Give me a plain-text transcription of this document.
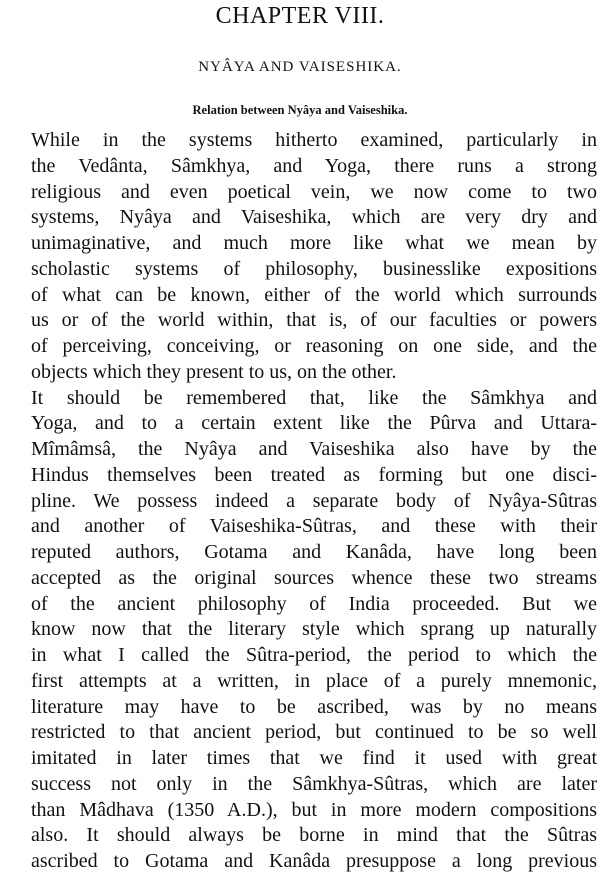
CHAPTER VIII.
NYÂYA AND VAISESHIKA.
Relation between Nyâya and Vaiseshika.
While in the systems hitherto examined, particularly in
the Vedânta, Sâmkhya, and Yoga, there runs a strong
religious and even poetical vein, we now come to two
systems, Nyâya and Vaiseshika, which are very dry and
unimaginative, and much more like what we mean by
scholastic systems of philosophy, businesslike expositions
of what can be known, either of the world which surrounds
us or of the world within, that is, of our faculties or powers
of perceiving, conceiving, or reasoning on one side, and the
objects which they present to us, on the other.
It should be remembered that, like the Sâmkhya and
Yoga, and to a certain extent like the Pûrva and Uttara-
Mîmâmsâ, the Nyâya and Vaiseshika also have by the
Hindus themselves been treated as forming but one disci-
pline. We possess indeed a separate body of Nyâya-Sûtras
and another of Vaiseshika-Sûtras, and these with their
reputed authors, Gotama and Kanâda, have long been
accepted as the original sources whence these two streams
of the ancient philosophy of India proceeded. But we
know now that the literary style which sprang up naturally
in what I called the Sûtra-period, the period to which the
first attempts at a written, in place of a purely mnemonic,
literature may have to be ascribed, was by no means
restricted to that ancient period, but continued to be so well
imitated in later times that we find it used with great
success not only in the Sâmkhya-Sûtras, which are later
than Mâdhava (1350 A.D.), but in more modern compositions
also. It should always be borne in mind that the Sûtras
ascribed to Gotama and Kanâda presuppose a long previous
